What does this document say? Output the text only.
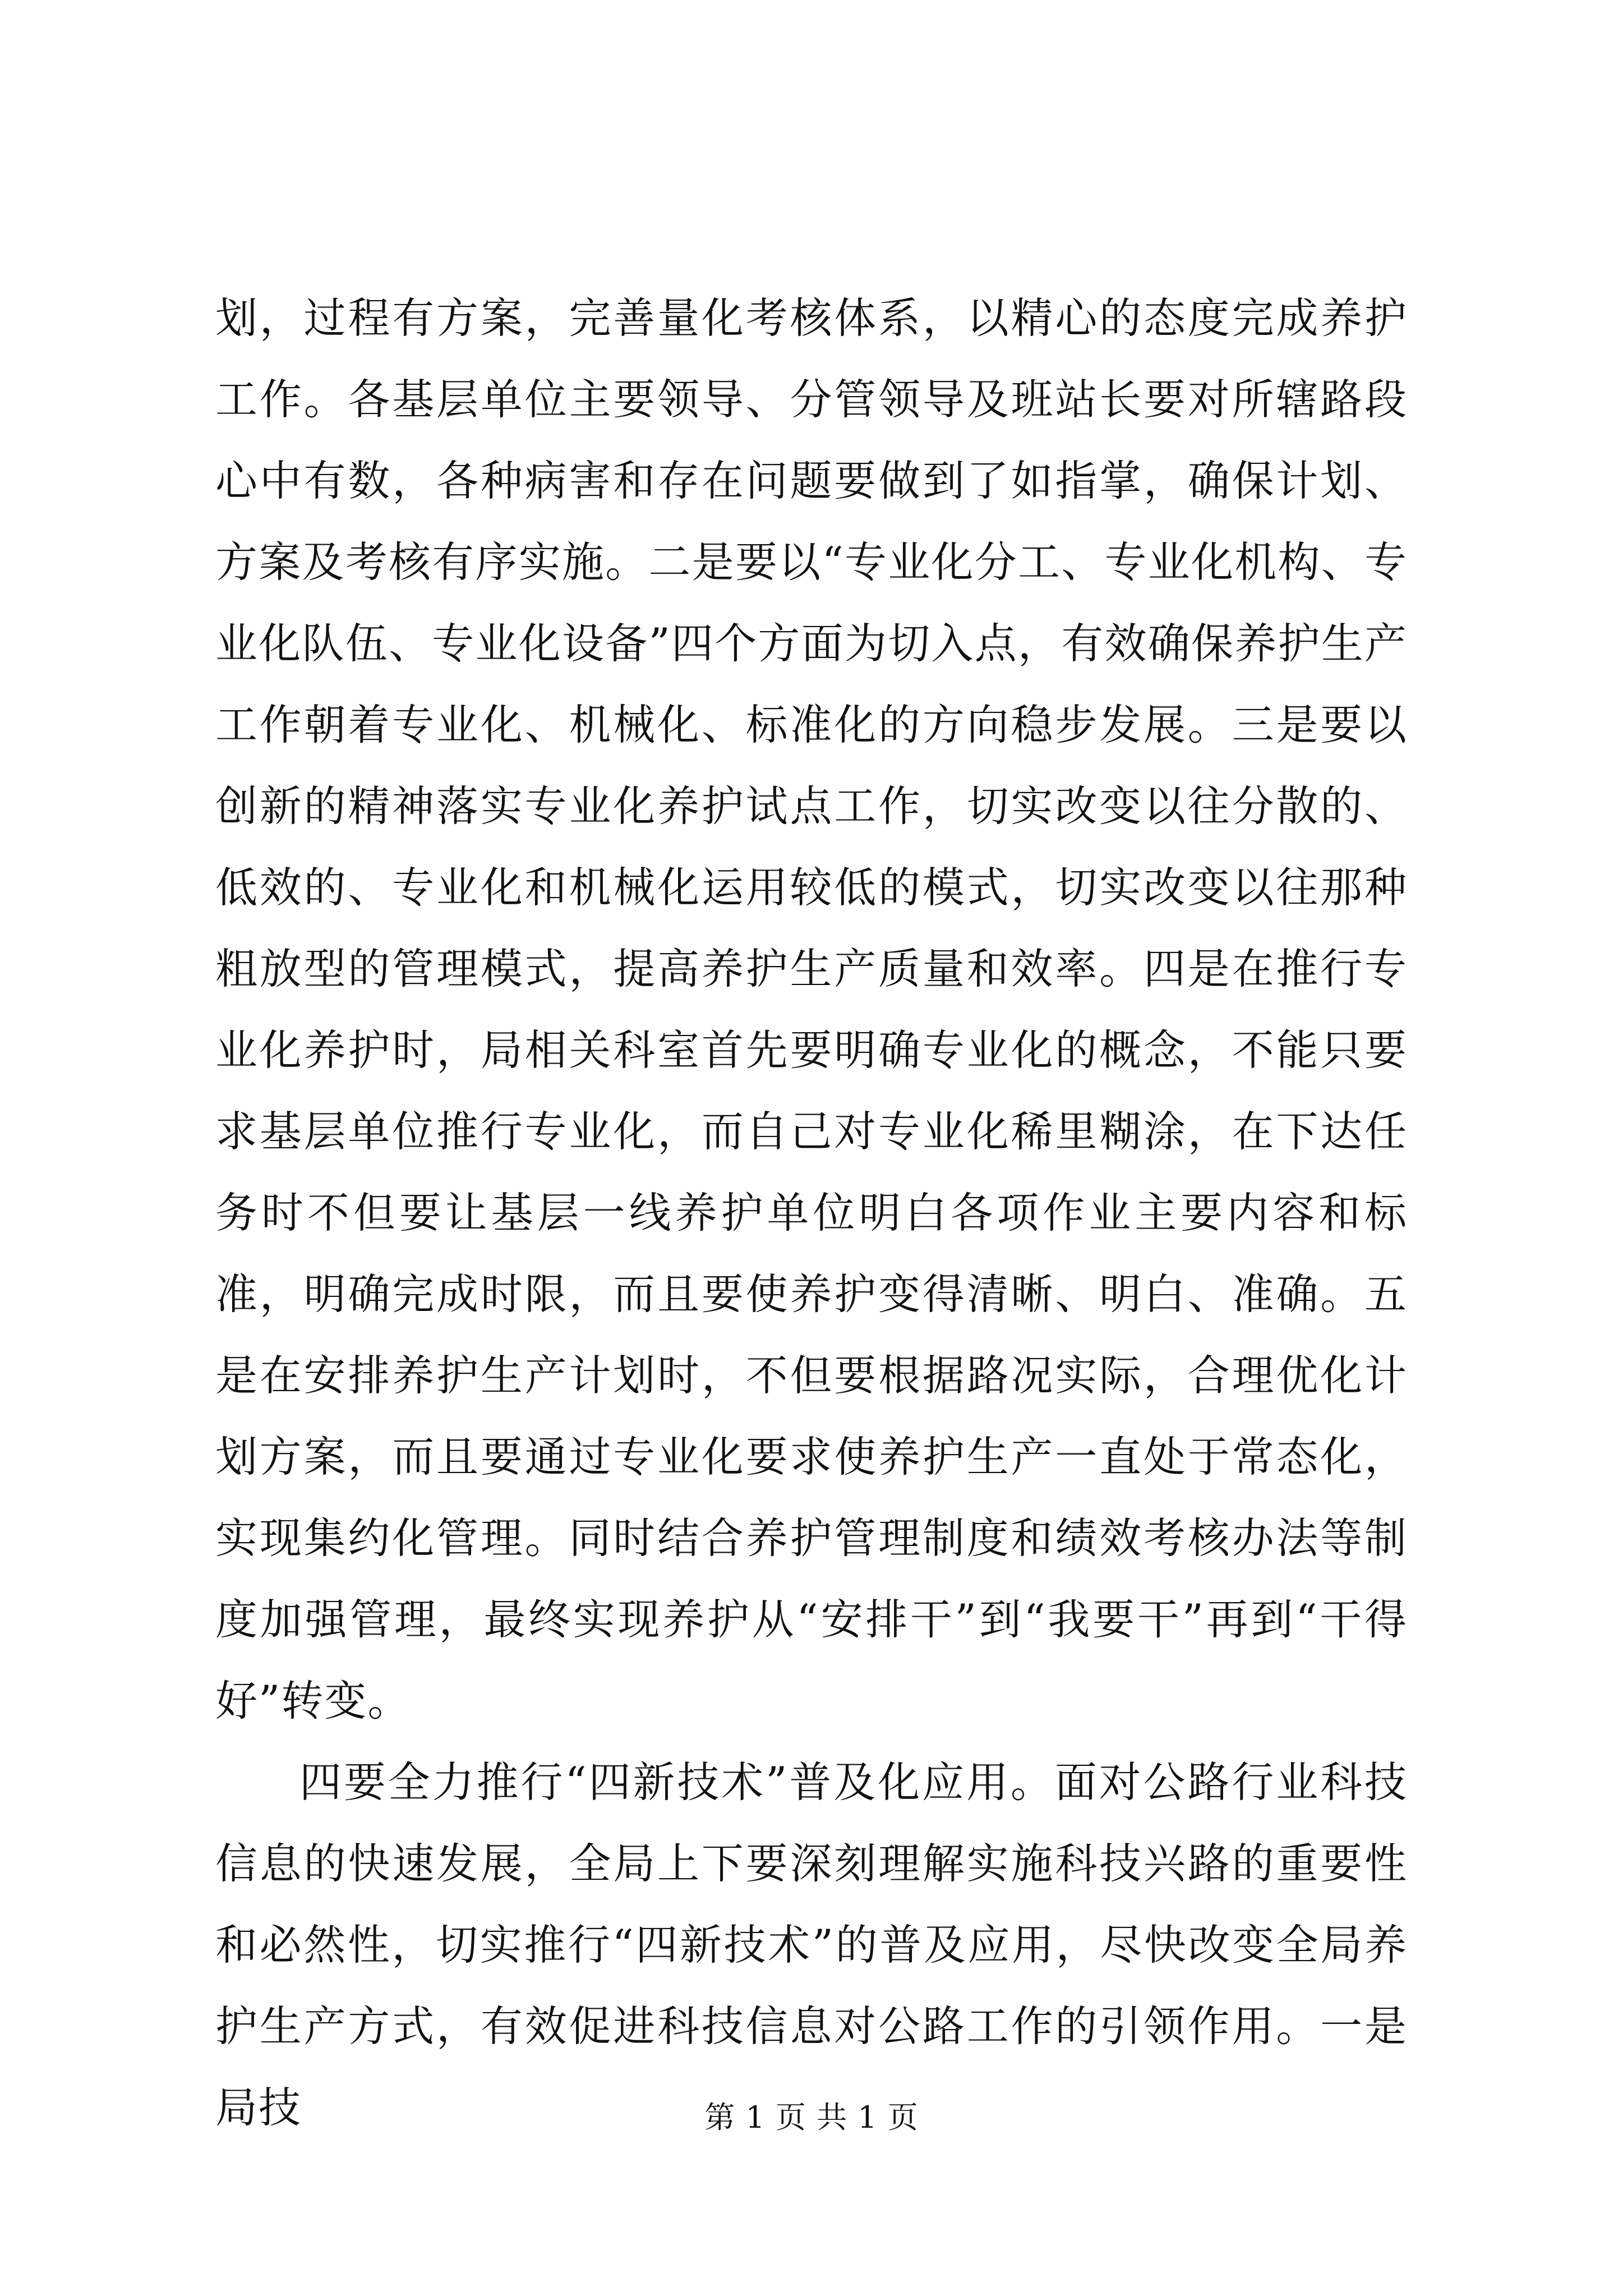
划，过程有方案，完善量化考核体系，以精心的态度完成养护工作。各基层单位主要领导、分管领导及班站长要对所辖路段心中有数，各种病害和存在问题要做到了如指掌，确保计划、方案及考核有序实施。二是要以“专业化分工、专业化机构、专业化队伍、专业化设备”四个方面为切入点，有效确保养护生产工作朝着专业化、机械化、标准化的方向稳步发展。三是要以创新的精神落实专业化养护试点工作，切实改变以往分散的、低效的、专业化和机械化运用较低的模式，切实改变以往那种粗放型的管理模式，提高养护生产质量和效率。四是在推行专业化养护时，局相关科室首先要明确专业化的概念，不能只要求基层单位推行专业化，而自己对专业化稀里糊涂，在下达任务时不但要让基层一线养护单位明白各项作业主要内容和标准，明确完成时限，而且要使养护变得清晰、明白、准确。五是在安排养护生产计划时，不但要根据路况实际，合理优化计划方案，而且要通过专业化要求使养护生产一直处于常态化，实现集约化管理。同时结合养护管理制度和绩效考核办法等制度加强管理，最终实现养护从“安排干”到“我要干”再到“干得好”转变。

四要全力推行“四新技术”普及化应用。面对公路行业科技信息的快速发展，全局上下要深刻理解实施科技兴路的重要性和必然性，切实推行“四新技术”的普及应用，尽快改变全局养护生产方式，有效促进科技信息对公路工作的引领作用。一是局技	第 1 页 共 1 页
